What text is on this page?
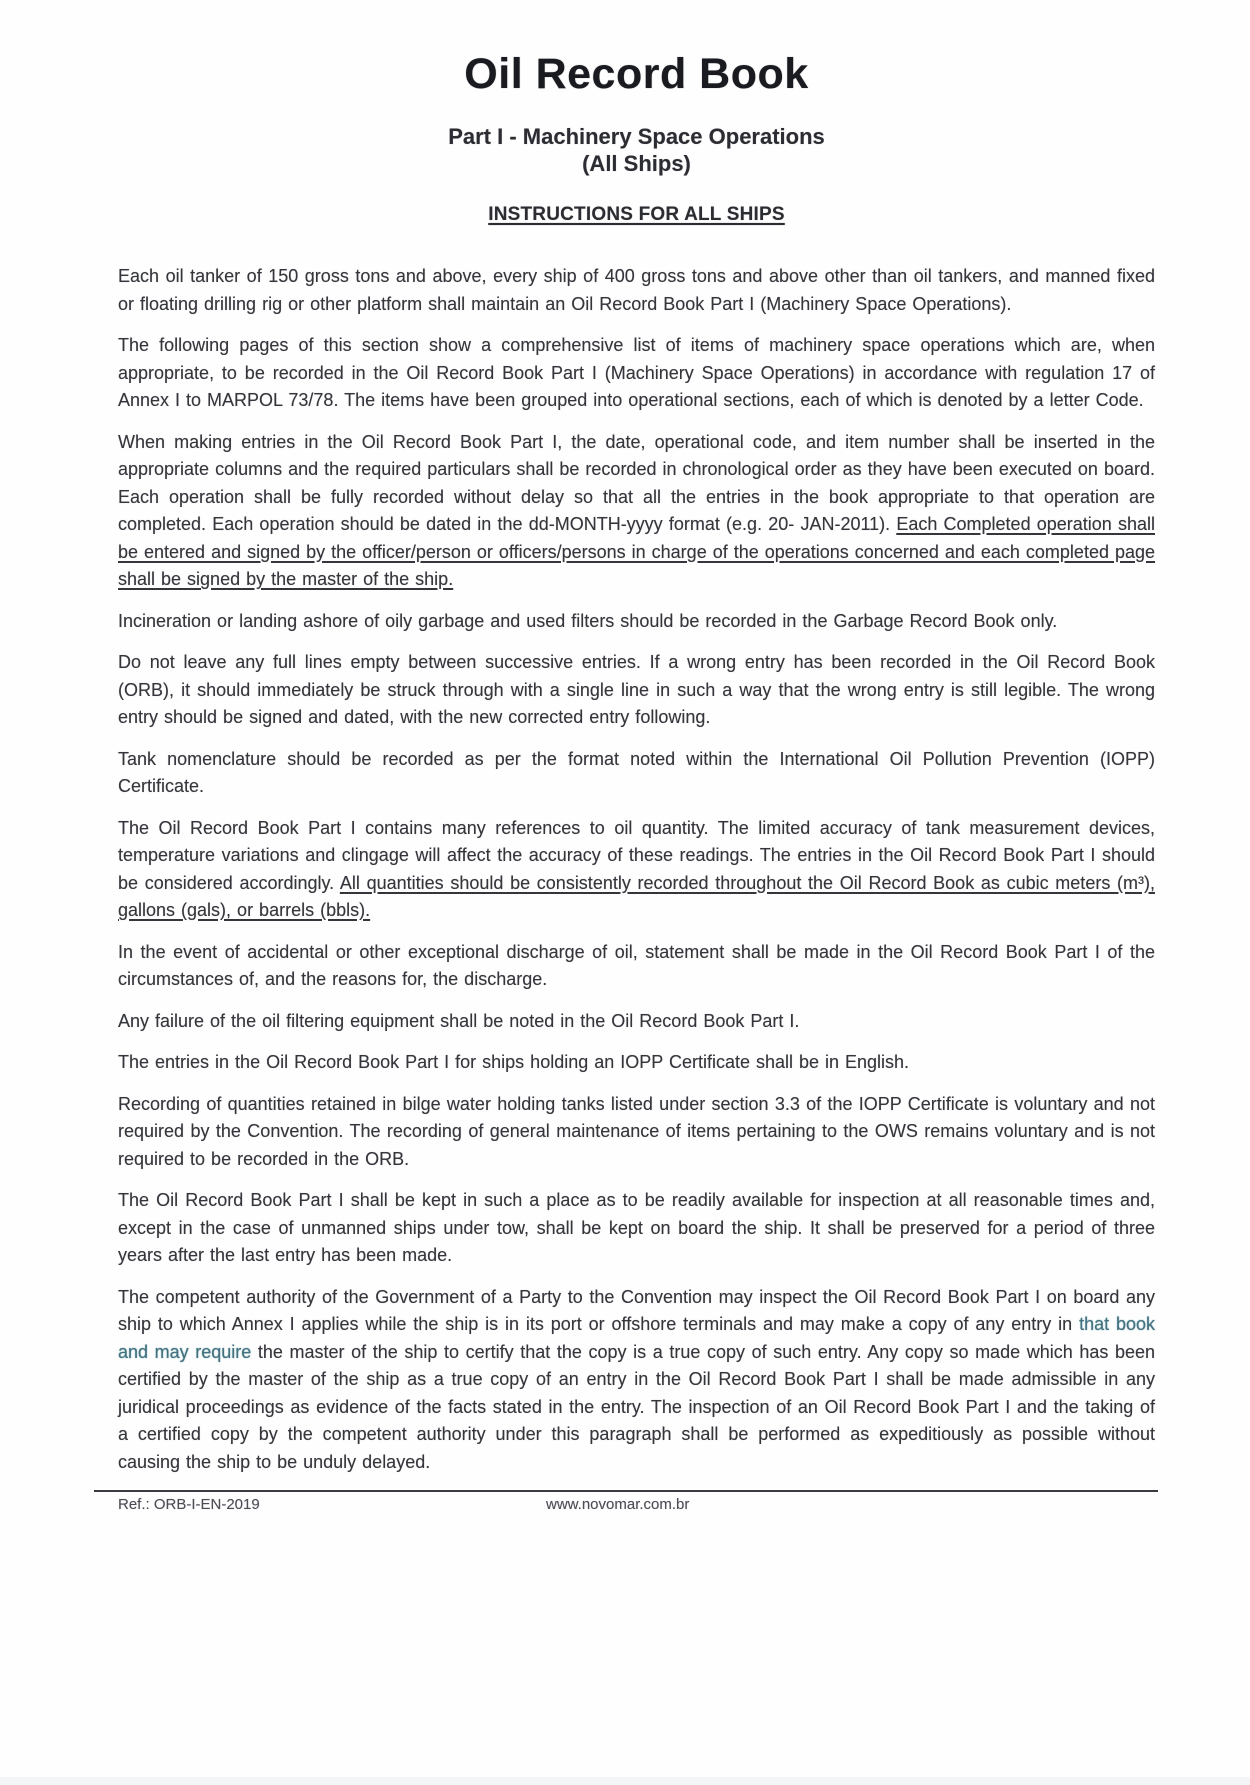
Oil Record Book
Part I - Machinery Space Operations
(All Ships)
INSTRUCTIONS FOR ALL SHIPS

Each oil tanker of 150 gross tons and above, every ship of 400 gross tons and above other than oil tankers, and manned fixed or floating drilling rig or other platform shall maintain an Oil Record Book Part I (Machinery Space Operations).

The following pages of this section show a comprehensive list of items of machinery space operations which are, when appropriate, to be recorded in the Oil Record Book Part I (Machinery Space Operations) in accordance with regulation 17 of Annex I to MARPOL 73/78. The items have been grouped into operational sections, each of which is denoted by a letter Code.

When making entries in the Oil Record Book Part I, the date, operational code, and item number shall be inserted in the appropriate columns and the required particulars shall be recorded in chronological order as they have been executed on board. Each operation shall be fully recorded without delay so that all the entries in the book appropriate to that operation are completed. Each operation should be dated in the dd-MONTH-yyyy format (e.g. 20- JAN-2011). Each Completed operation shall be entered and signed by the officer/person or officers/persons in charge of the operations concerned and each completed page shall be signed by the master of the ship.

Incineration or landing ashore of oily garbage and used filters should be recorded in the Garbage Record Book only.

Do not leave any full lines empty between successive entries. If a wrong entry has been recorded in the Oil Record Book (ORB), it should immediately be struck through with a single line in such a way that the wrong entry is still legible. The wrong entry should be signed and dated, with the new corrected entry following.

Tank nomenclature should be recorded as per the format noted within the International Oil Pollution Prevention (IOPP) Certificate.

The Oil Record Book Part I contains many references to oil quantity. The limited accuracy of tank measurement devices, temperature variations and clingage will affect the accuracy of these readings. The entries in the Oil Record Book Part I should be considered accordingly. All quantities should be consistently recorded throughout the Oil Record Book as cubic meters (m³), gallons (gals), or barrels (bbls).

In the event of accidental or other exceptional discharge of oil, statement shall be made in the Oil Record Book Part I of the circumstances of, and the reasons for, the discharge.

Any failure of the oil filtering equipment shall be noted in the Oil Record Book Part I.

The entries in the Oil Record Book Part I for ships holding an IOPP Certificate shall be in English.

Recording of quantities retained in bilge water holding tanks listed under section 3.3 of the IOPP Certificate is voluntary and not required by the Convention. The recording of general maintenance of items pertaining to the OWS remains voluntary and is not required to be recorded in the ORB.

The Oil Record Book Part I shall be kept in such a place as to be readily available for inspection at all reasonable times and, except in the case of unmanned ships under tow, shall be kept on board the ship. It shall be preserved for a period of three years after the last entry has been made.

The competent authority of the Government of a Party to the Convention may inspect the Oil Record Book Part I on board any ship to which Annex I applies while the ship is in its port or offshore terminals and may make a copy of any entry in that book and may require the master of the ship to certify that the copy is a true copy of such entry. Any copy so made which has been certified by the master of the ship as a true copy of an entry in the Oil Record Book Part I shall be made admissible in any juridical proceedings as evidence of the facts stated in the entry. The inspection of an Oil Record Book Part I and the taking of a certified copy by the competent authority under this paragraph shall be performed as expeditiously as possible without causing the ship to be unduly delayed.

Ref.: ORB-I-EN-2019	www.novomar.com.br
